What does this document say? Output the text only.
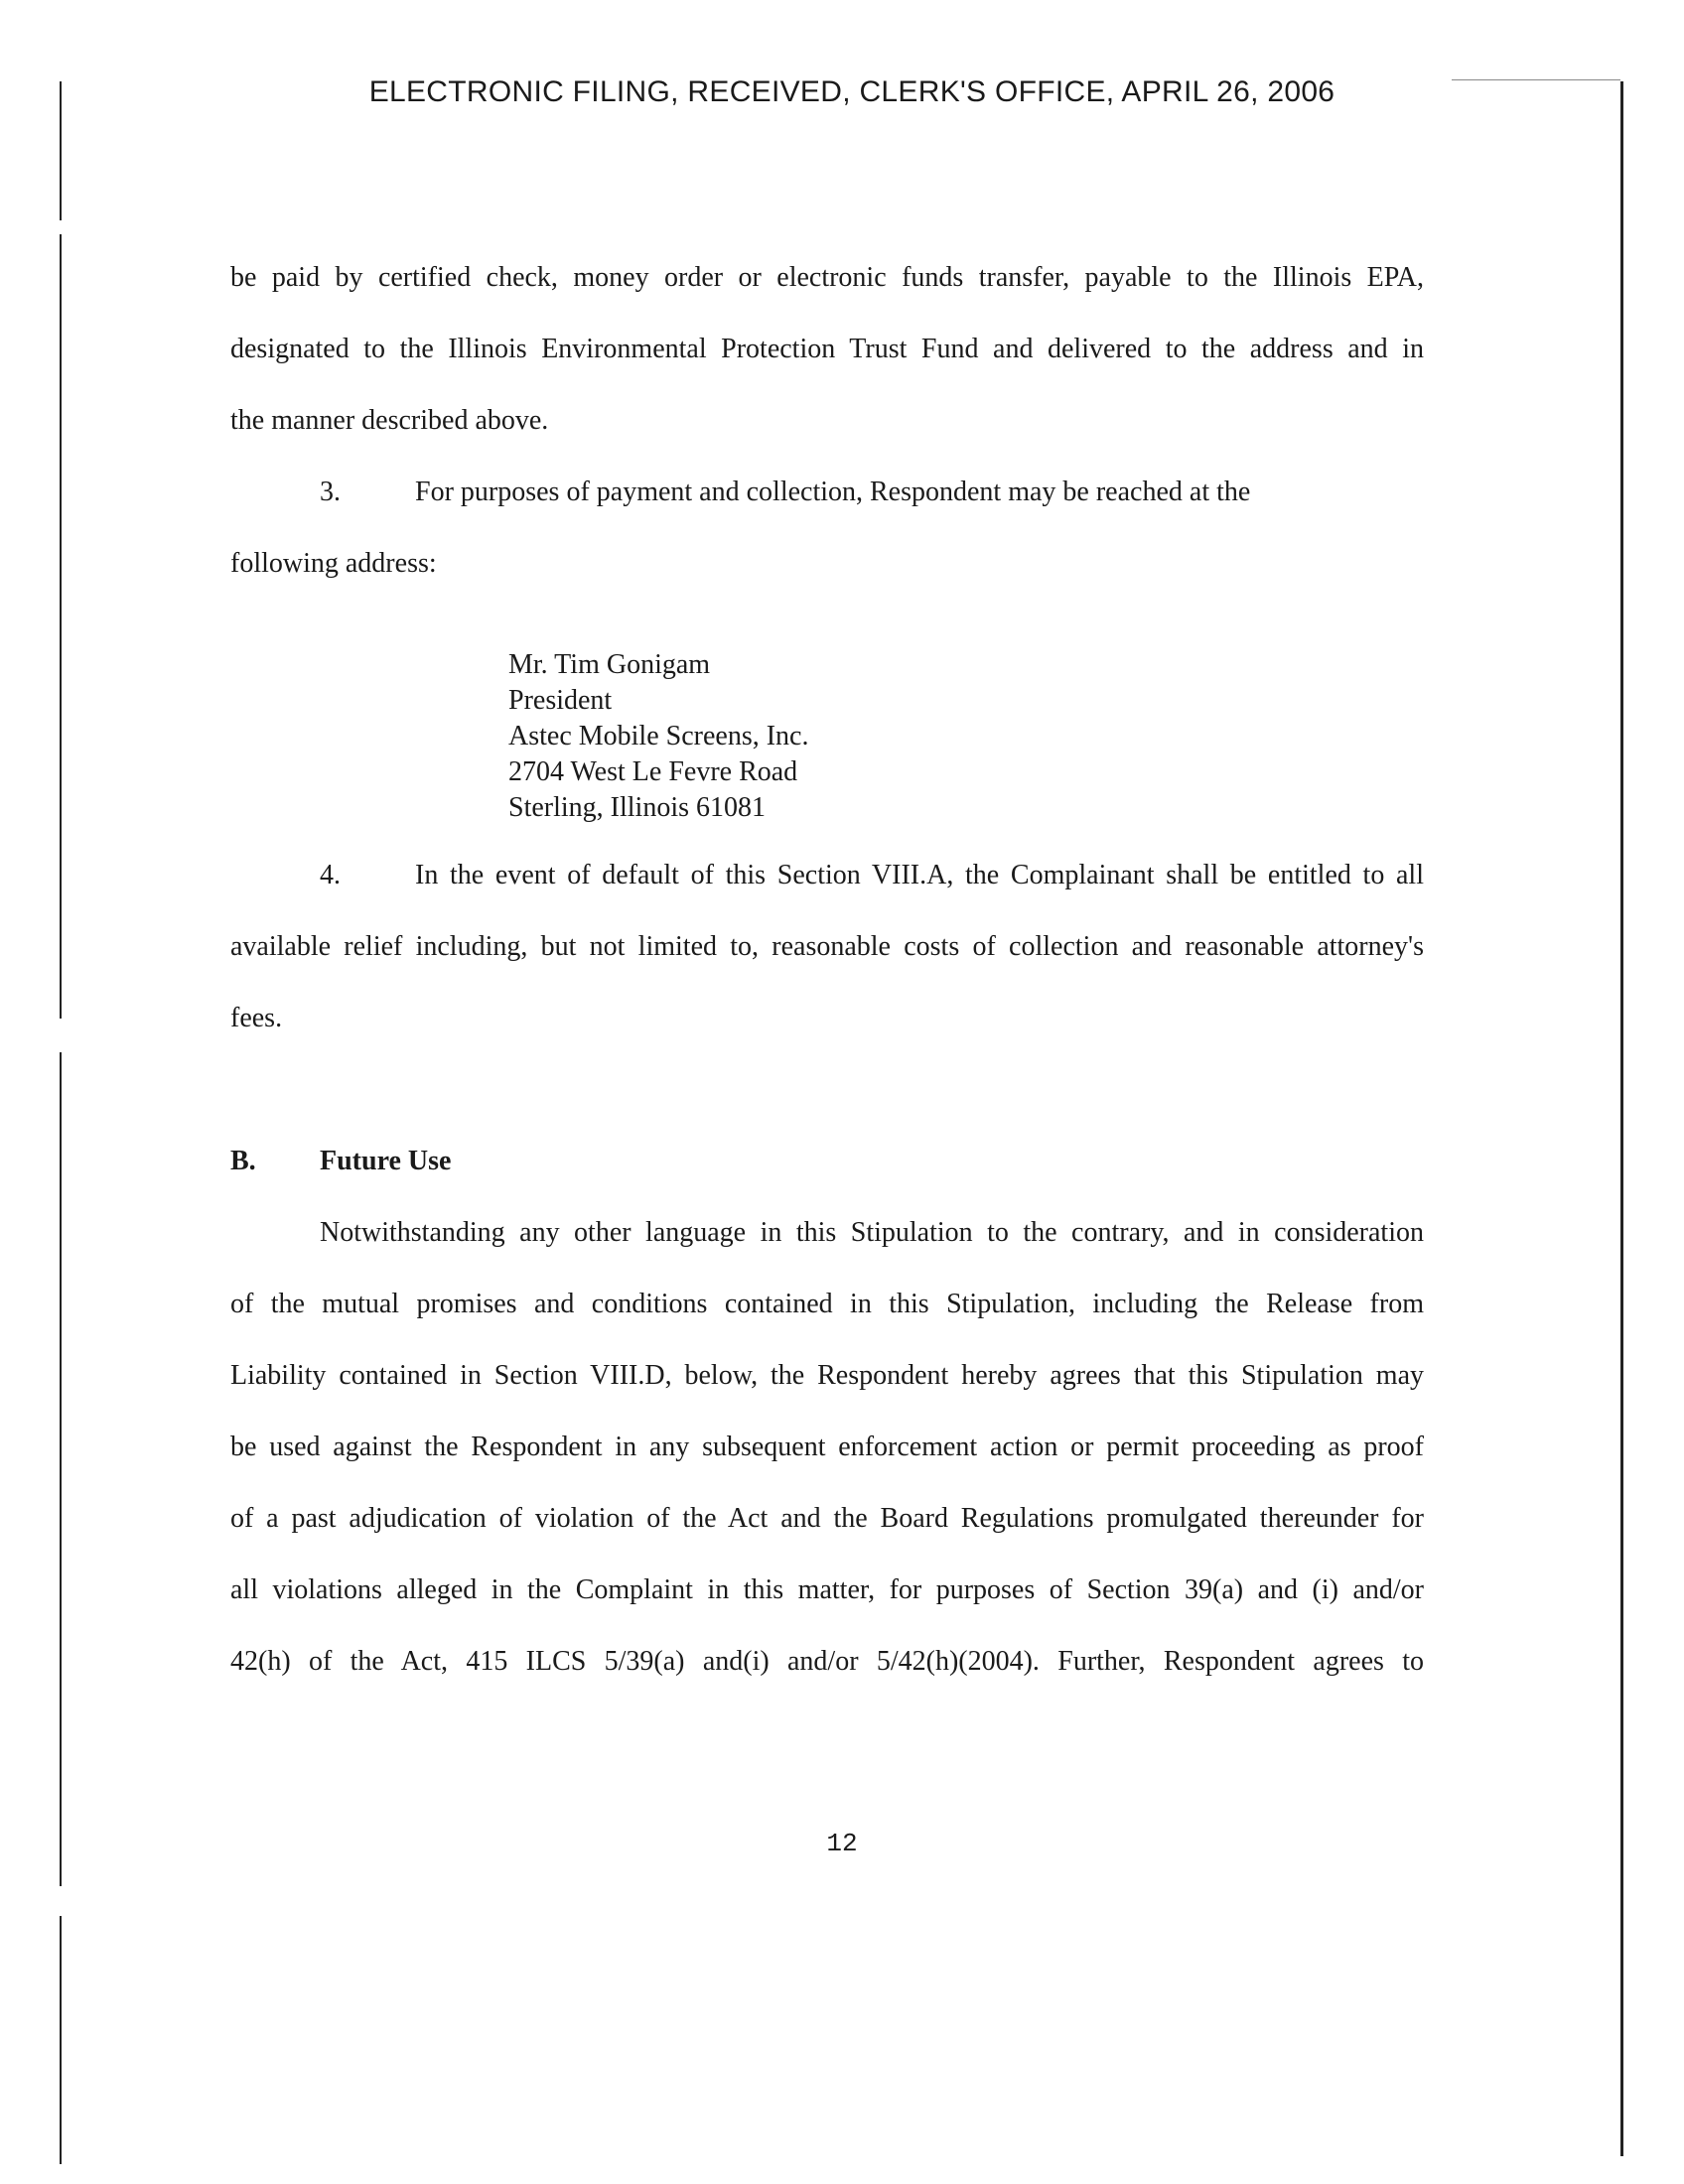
ELECTRONIC FILING, RECEIVED, CLERK'S OFFICE, APRIL 26, 2006
be paid by certified check, money order or electronic funds transfer, payable to the Illinois EPA,
designated to the Illinois Environmental Protection Trust Fund and delivered to the address and in
the manner described above.
3.	For purposes of payment and collection, Respondent may be reached at the
following address:
Mr. Tim Gonigam
President
Astec Mobile Screens, Inc.
2704 West Le Fevre Road
Sterling, Illinois 61081
4.	In the event of default of this Section VIII.A, the Complainant shall be entitled to all
available relief including, but not limited to, reasonable costs of collection and reasonable attorney's
fees.
B. Future Use
Notwithstanding any other language in this Stipulation to the contrary, and in consideration
of the mutual promises and conditions contained in this Stipulation, including the Release from
Liability contained in Section VIII.D, below, the Respondent hereby agrees that this Stipulation may
be used against the Respondent in any subsequent enforcement action or permit proceeding as proof
of a past adjudication of violation of the Act and the Board Regulations promulgated thereunder for
all violations alleged in the Complaint in this matter, for purposes of Section 39(a) and (i) and/or
42(h) of the Act, 415 ILCS 5/39(a) and(i) and/or 5/42(h)(2004). Further, Respondent agrees to
12
